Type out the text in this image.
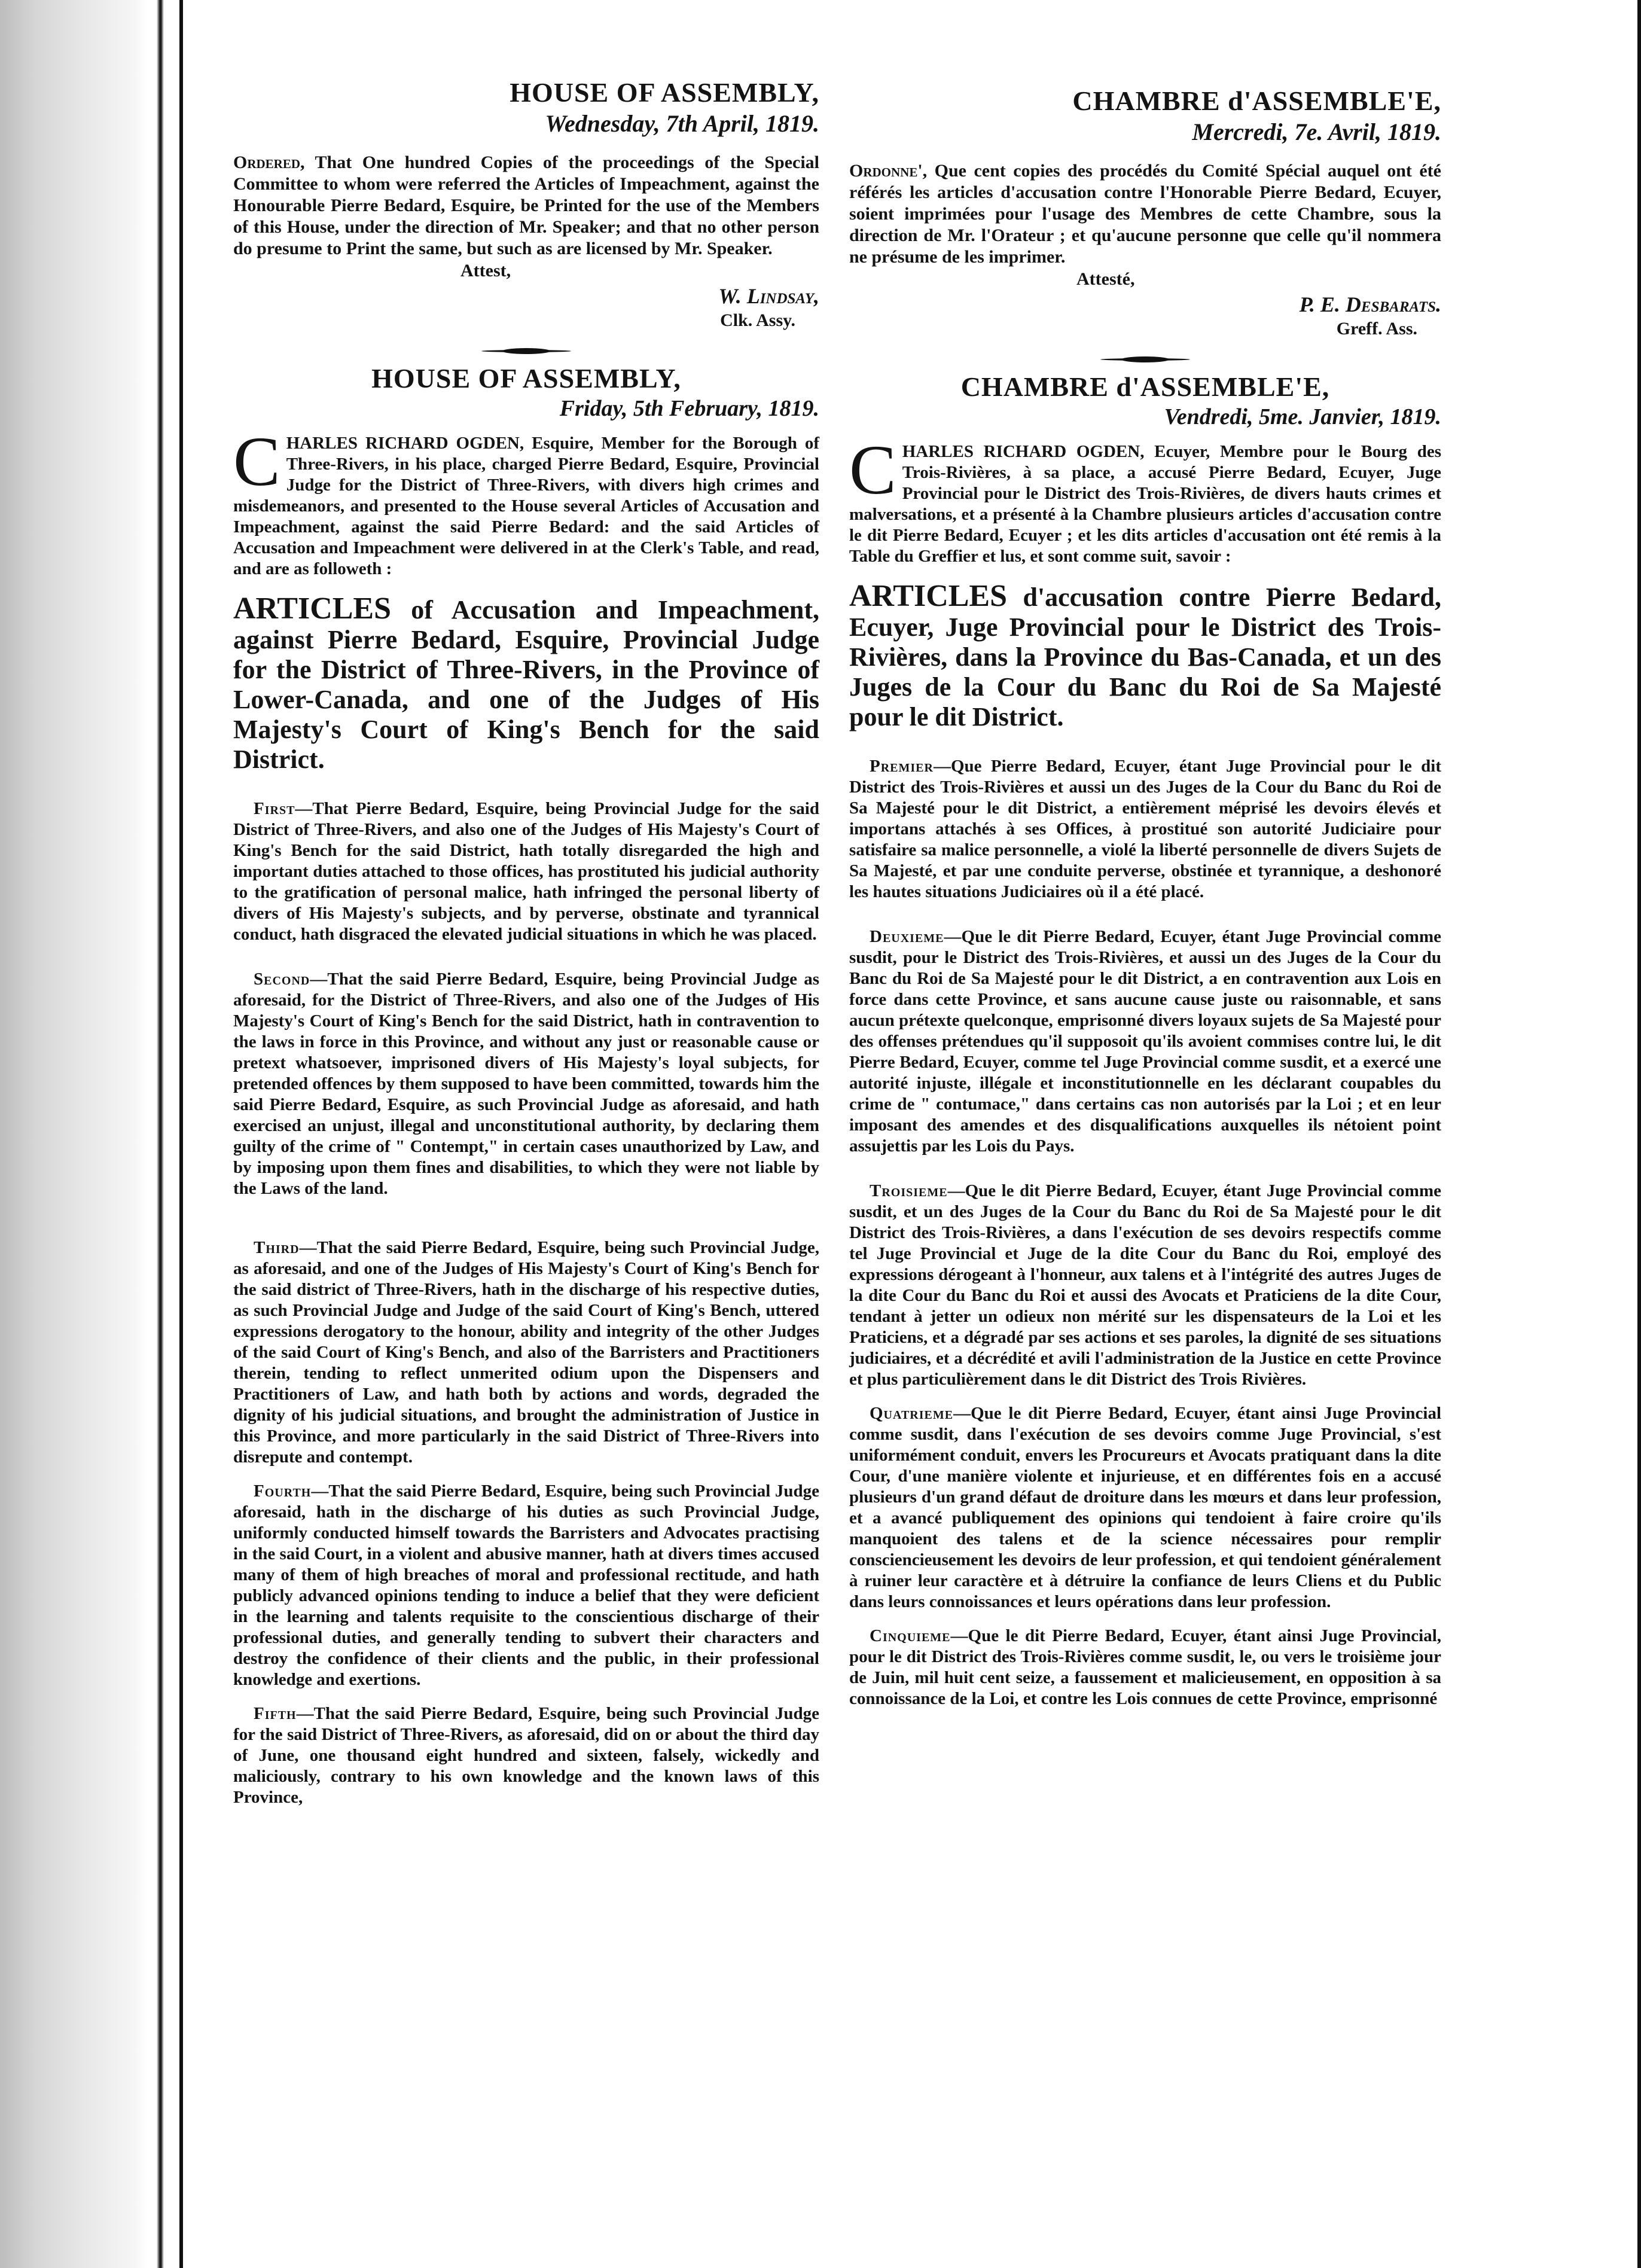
HOUSE OF ASSEMBLY,

Wednesday, 7th April, 1819.

Ordered, That One hundred Copies of the proceedings of the Special Committee to whom were referred the Articles of Impeachment, against the Honourable Pierre Bedard, Esquire, be Printed for the use of the Members of this House, under the direction of Mr. Speaker; and that no other person do presume to Print the same, but such as are licensed by Mr. Speaker.

Attest,

W. Lindsay,

Clk. Assy.

HOUSE OF ASSEMBLY,

Friday, 5th February, 1819.

CHARLES RICHARD OGDEN, Esquire, Member for the Borough of Three-Rivers, in his place, charged Pierre Bedard, Esquire, Provincial Judge for the District of Three-Rivers, with divers high crimes and misdemeanors, and presented to the House several Articles of Accusation and Impeachment, against the said Pierre Bedard: and the said Articles of Accusation and Impeachment were delivered in at the Clerk's Table, and read, and are as followeth :

ARTICLES of Accusation and Impeachment, against Pierre Bedard, Esquire, Provincial Judge for the District of Three-Rivers, in the Province of Lower-Canada, and one of the Judges of His Majesty's Court of King's Bench for the said District.

First—That Pierre Bedard, Esquire, being Provincial Judge for the said District of Three-Rivers, and also one of the Judges of His Majesty's Court of King's Bench for the said District, hath totally disregarded the high and important duties attached to those offices, has prostituted his judicial authority to the gratification of personal malice, hath infringed the personal liberty of divers of His Majesty's subjects, and by perverse, obstinate and tyrannical conduct, hath disgraced the elevated judicial situations in which he was placed.

Second—That the said Pierre Bedard, Esquire, being Provincial Judge as aforesaid, for the District of Three-Rivers, and also one of the Judges of His Majesty's Court of King's Bench for the said District, hath in contravention to the laws in force in this Province, and without any just or reasonable cause or pretext whatsoever, imprisoned divers of His Majesty's loyal subjects, for pretended offences by them supposed to have been committed, towards him the said Pierre Bedard, Esquire, as such Provincial Judge as aforesaid, and hath exercised an unjust, illegal and unconstitutional authority, by declaring them guilty of the crime of " Contempt," in certain cases unauthorized by Law, and by imposing upon them fines and disabilities, to which they were not liable by the Laws of the land.

Third—That the said Pierre Bedard, Esquire, being such Provincial Judge, as aforesaid, and one of the Judges of His Majesty's Court of King's Bench for the said district of Three-Rivers, hath in the discharge of his respective duties, as such Provincial Judge and Judge of the said Court of King's Bench, uttered expressions derogatory to the honour, ability and integrity of the other Judges of the said Court of King's Bench, and also of the Barristers and Practitioners therein, tending to reflect unmerited odium upon the Dispensers and Practitioners of Law, and hath both by actions and words, degraded the dignity of his judicial situations, and brought the administration of Justice in this Province, and more particularly in the said District of Three-Rivers into disrepute and contempt.

Fourth—That the said Pierre Bedard, Esquire, being such Provincial Judge aforesaid, hath in the discharge of his duties as such Provincial Judge, uniformly conducted himself towards the Barristers and Advocates practising in the said Court, in a violent and abusive manner, hath at divers times accused many of them of high breaches of moral and professional rectitude, and hath publicly advanced opinions tending to induce a belief that they were deficient in the learning and talents requisite to the conscientious discharge of their professional duties, and generally tending to subvert their characters and destroy the confidence of their clients and the public, in their professional knowledge and exertions.

Fifth—That the said Pierre Bedard, Esquire, being such Provincial Judge for the said District of Three-Rivers, as aforesaid, did on or about the third day of June, one thousand eight hundred and sixteen, falsely, wickedly and maliciously, contrary to his own knowledge and the known laws of this Province,

CHAMBRE d'ASSEMBLE'E,

Mercredi, 7e. Avril, 1819.

Ordonne', Que cent copies des procédés du Comité Spécial auquel ont été référés les articles d'accusation contre l'Honorable Pierre Bedard, Ecuyer, soient imprimées pour l'usage des Membres de cette Chambre, sous la direction de Mr. l'Orateur ; et qu'aucune personne que celle qu'il nommera ne présume de les imprimer.

Attesté,

P. E. Desbarats.

Greff. Ass.

CHAMBRE d'ASSEMBLE'E,

Vendredi, 5me. Janvier, 1819.

CHARLES RICHARD OGDEN, Ecuyer, Membre pour le Bourg des Trois-Rivières, à sa place, a accusé Pierre Bedard, Ecuyer, Juge Provincial pour le District des Trois-Rivières, de divers hauts crimes et malversations, et a présenté à la Chambre plusieurs articles d'accusation contre le dit Pierre Bedard, Ecuyer ; et les dits articles d'accusation ont été remis à la Table du Greffier et lus, et sont comme suit, savoir :

ARTICLES d'accusation contre Pierre Bedard, Ecuyer, Juge Provincial pour le District des Trois-Rivières, dans la Province du Bas-Canada, et un des Juges de la Cour du Banc du Roi de Sa Majesté pour le dit District.

Premier—Que Pierre Bedard, Ecuyer, étant Juge Provincial pour le dit District des Trois-Rivières et aussi un des Juges de la Cour du Banc du Roi de Sa Majesté pour le dit District, a entièrement méprisé les devoirs élevés et importans attachés à ses Offices, à prostitué son autorité Judiciaire pour satisfaire sa malice personnelle, a violé la liberté personnelle de divers Sujets de Sa Majesté, et par une conduite perverse, obstinée et tyrannique, a deshonoré les hautes situations Judiciaires où il a été placé.

Deuxieme—Que le dit Pierre Bedard, Ecuyer, étant Juge Provincial comme susdit, pour le District des Trois-Rivières, et aussi un des Juges de la Cour du Banc du Roi de Sa Majesté pour le dit District, a en contravention aux Lois en force dans cette Province, et sans aucune cause juste ou raisonnable, et sans aucun prétexte quelconque, emprisonné divers loyaux sujets de Sa Majesté pour des offenses prétendues qu'il supposoit qu'ils avoient commises contre lui, le dit Pierre Bedard, Ecuyer, comme tel Juge Provincial comme susdit, et a exercé une autorité injuste, illégale et inconstitutionnelle en les déclarant coupables du crime de " contumace," dans certains cas non autorisés par la Loi ; et en leur imposant des amendes et des disqualifications auxquelles ils nétoient point assujettis par les Lois du Pays.

Troisieme—Que le dit Pierre Bedard, Ecuyer, étant Juge Provincial comme susdit, et un des Juges de la Cour du Banc du Roi de Sa Majesté pour le dit District des Trois-Rivières, a dans l'exécution de ses devoirs respectifs comme tel Juge Provincial et Juge de la dite Cour du Banc du Roi, employé des expressions dérogeant à l'honneur, aux talens et à l'intégrité des autres Juges de la dite Cour du Banc du Roi et aussi des Avocats et Praticiens de la dite Cour, tendant à jetter un odieux non mérité sur les dispensateurs de la Loi et les Praticiens, et a dégradé par ses actions et ses paroles, la dignité de ses situations judiciaires, et a décrédité et avili l'administration de la Justice en cette Province et plus particulièrement dans le dit District des Trois Rivières.

Quatrieme—Que le dit Pierre Bedard, Ecuyer, étant ainsi Juge Provincial comme susdit, dans l'exécution de ses devoirs comme Juge Provincial, s'est uniformément conduit, envers les Procureurs et Avocats pratiquant dans la dite Cour, d'une manière violente et injurieuse, et en différentes fois en a accusé plusieurs d'un grand défaut de droiture dans les mœurs et dans leur profession, et a avancé publiquement des opinions qui tendoient à faire croire qu'ils manquoient des talens et de la science nécessaires pour remplir consciencieusement les devoirs de leur profession, et qui tendoient généralement à ruiner leur caractère et à détruire la confiance de leurs Cliens et du Public dans leurs connoissances et leurs opérations dans leur profession.

Cinquieme—Que le dit Pierre Bedard, Ecuyer, étant ainsi Juge Provincial, pour le dit District des Trois-Rivières comme susdit, le, ou vers le troisième jour de Juin, mil huit cent seize, a faussement et malicieusement, en opposition à sa connoissance de la Loi, et contre les Lois connues de cette Province, emprisonné
